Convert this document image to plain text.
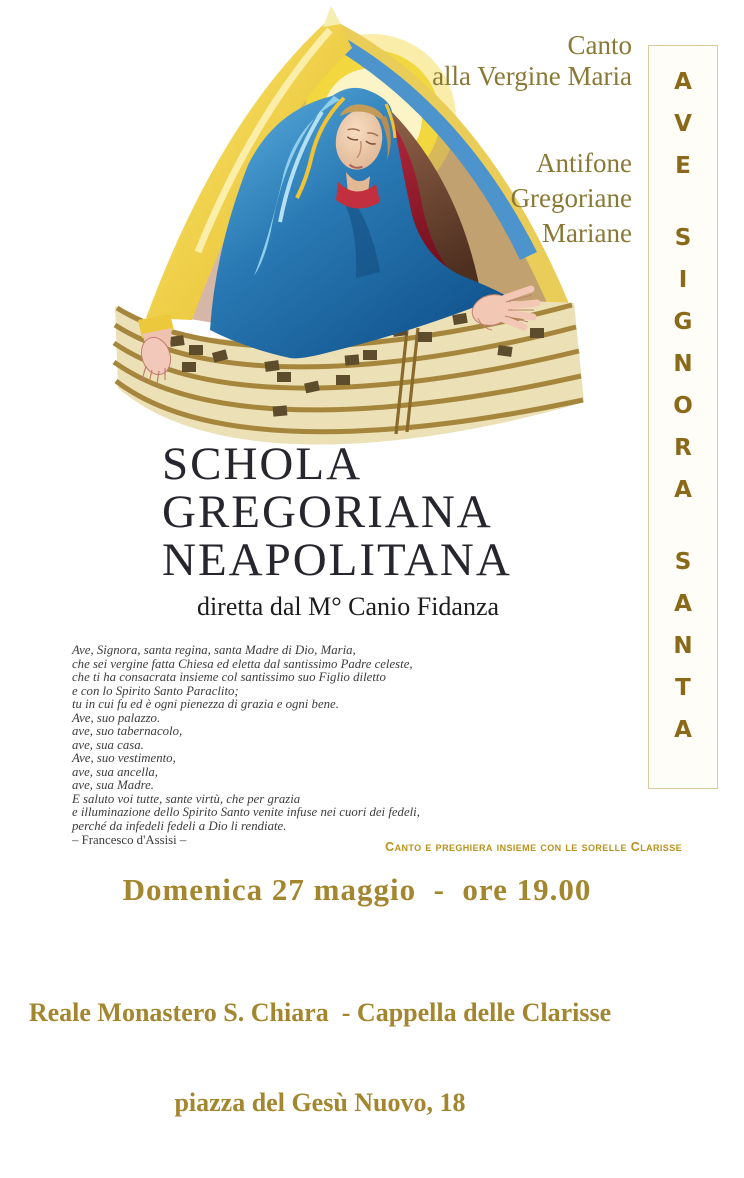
Canto
alla Vergine Maria
Antifone
Gregoriane
Mariane
A
V
E
S
I
G
N
O
R
A
S
A
N
T
A
SCHOLA
GREGORIANA
NEAPOLITANA
diretta dal M° Canio Fidanza
Ave, Signora, santa regina, santa Madre di Dio, Maria,
che sei vergine fatta Chiesa ed eletta dal santissimo Padre celeste,
che ti ha consacrata insieme col santissimo suo Figlio diletto
e con lo Spirito Santo Paraclito;
tu in cui fu ed è ogni pienezza di grazia e ogni bene.
Ave, suo palazzo.
ave, suo tabernacolo,
ave, sua casa.
Ave, suo vestimento,
ave, sua ancella,
ave, sua Madre.
E saluto voi tutte, sante virtù, che per grazia
e illuminazione dello Spirito Santo venite infuse nei cuori dei fedeli,
perché da infedeli fedeli a Dio li rendiate.
– Francesco d'Assisi –	Canto e preghiera insieme con le sorelle Clarisse
Domenica 27 maggio  -  ore 19.00

Reale Monastero S. Chiara  - Cappella delle Clarisse

piazza del Gesù Nuovo, 18
